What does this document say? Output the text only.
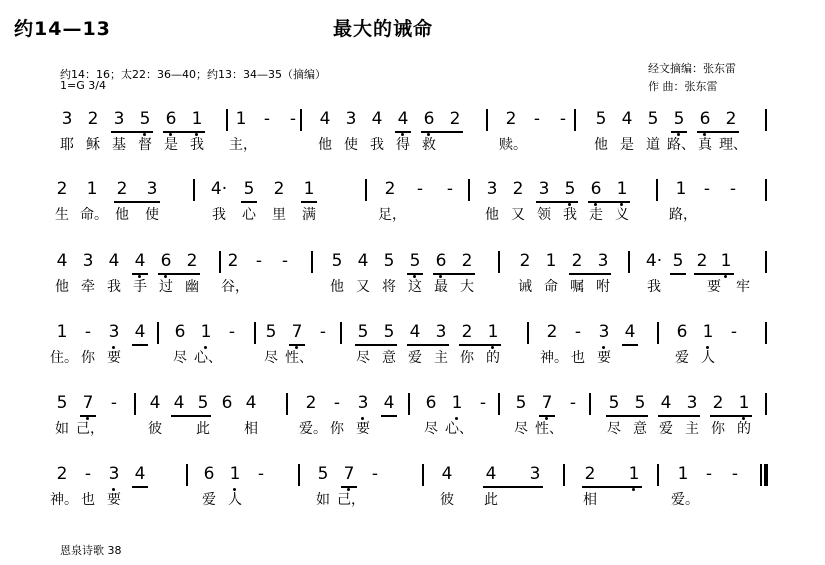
约14—13	最大的诫命
约14：16；太22：36—40；约13：34—35（摘编）
1=G 3/4
经文摘编：张东雷
作 曲：张东雷
3 2 3 5 6 1
耶 稣 基 督 是 我
1	-	-
主，
4 3 4 4 6 2
他 使 我 得 救
2	-	-
赎。
5 4 5 5 6 2
他 是 道 路、 真 理、
2	1	2	3
生 命。 他	使
4· 5	2	1
我	心	里	满
2	-	-
足，
3 2 3 5 6 1
他 又 领 我 走 义
1	-	-
路，
4 3 4 4 6 2
他 牵 我 手 过 幽
2	-	-
谷，
5 4 5 5 6 2
他 又 将 这 最 大
2 1 2 3
诫 命 嘱 咐
4· 5 2 1
我	要	牢
1	-	3 4
住。 你 要
6 1	-
尽 心、
5 7	-
尽 性、
5 5 4 3 2 1
尽 意 爱 主 你 的
2	-	3 4
神。 也 要
6 1	-
爱 人
5 7	-
如 己，
4 4 5 6 4
彼	此	相
2	-	3 4
爱。 你 要
6 1	-
尽 心、
5 7	-
尽 性、
5 5 4 3 2 1
尽 意 爱 主 你 的
2	-	3 4
神。 也 要
6 1	-
爱 人
5 7	-
如 己，
4	4	3
彼	此
2	1
相
1	-	-
爱。
恩泉诗歌 38
